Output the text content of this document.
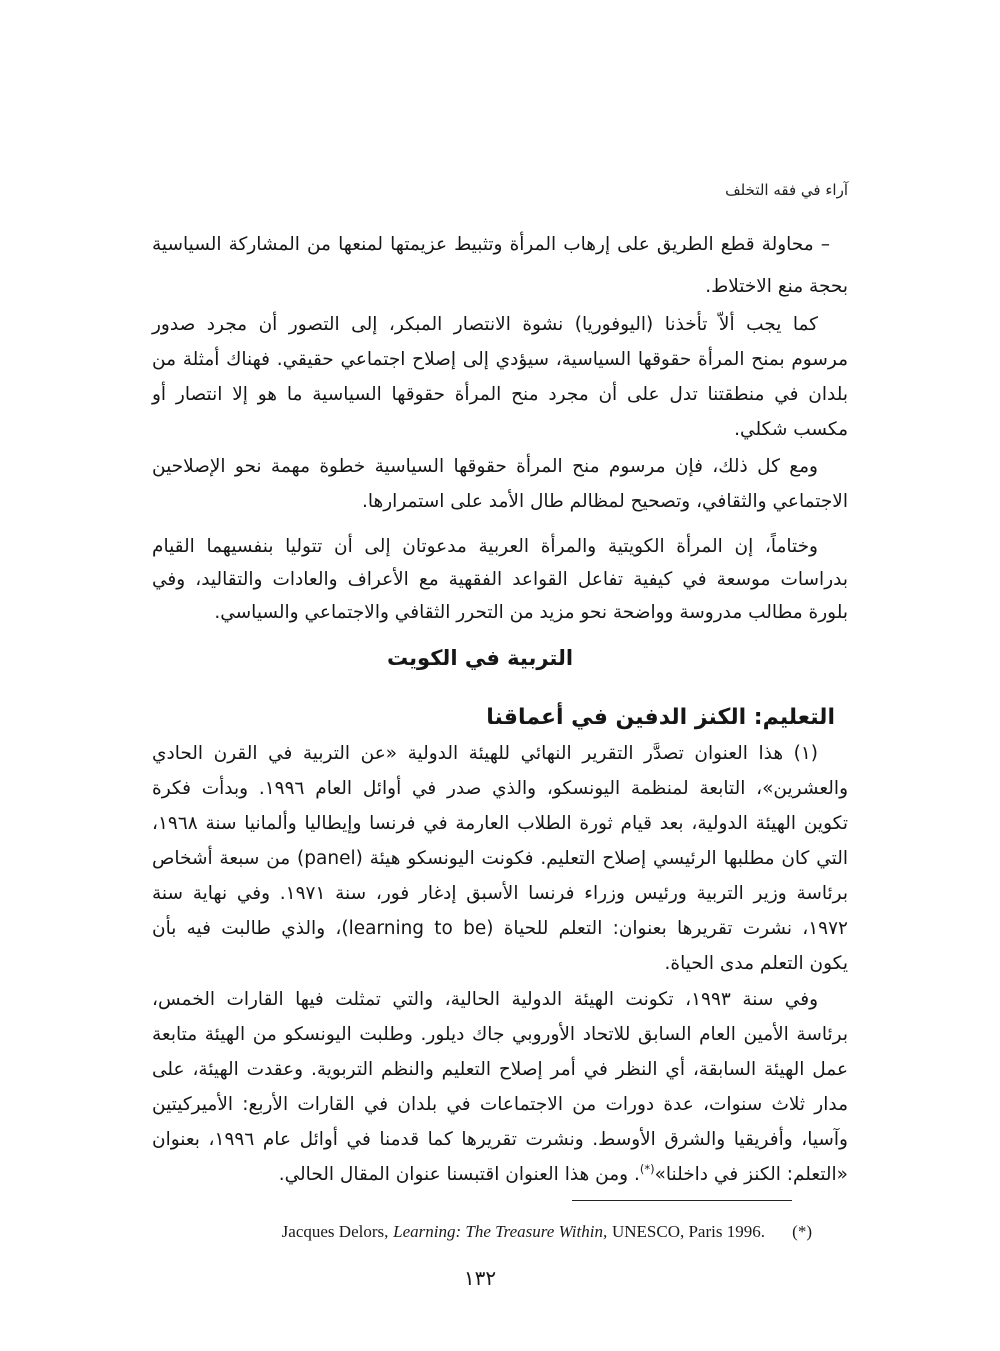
آراء في فقه التخلف
– محاولة قطع الطريق على إرهاب المرأة وتثبيط عزيمتها لمنعها من المشاركة السياسية
بحجة منع الاختلاط.
كما يجب ألاّ تأخذنا (اليوفوريا) نشوة الانتصار المبكر، إلى التصور أن مجرد صدور
مرسوم بمنح المرأة حقوقها السياسية، سيؤدي إلى إصلاح اجتماعي حقيقي. فهناك أمثلة من
بلدان في منطقتنا تدل على أن مجرد منح المرأة حقوقها السياسية ما هو إلا انتصار أو
مكسب شكلي.
ومع كل ذلك، فإن مرسوم منح المرأة حقوقها السياسية خطوة مهمة نحو الإصلاحين
الاجتماعي والثقافي، وتصحيح لمظالم طال الأمد على استمرارها.
وختاماً، إن المرأة الكويتية والمرأة العربية مدعوتان إلى أن تتوليا بنفسيهما القيام
بدراسات موسعة في كيفية تفاعل القواعد الفقهية مع الأعراف والعادات والتقاليد، وفي
بلورة مطالب مدروسة وواضحة نحو مزيد من التحرر الثقافي والاجتماعي والسياسي.
التربية في الكويت
التعليم: الكنز الدفين في أعماقنا
(١) هذا العنوان تصدَّر التقرير النهائي للهيئة الدولية «عن التربية في القرن الحادي
والعشرين»، التابعة لمنظمة اليونسكو، والذي صدر في أوائل العام ١٩٩٦. وبدأت فكرة
تكوين الهيئة الدولية، بعد قيام ثورة الطلاب العارمة في فرنسا وإيطاليا وألمانيا سنة ١٩٦٨،
التي كان مطلبها الرئيسي إصلاح التعليم. فكونت اليونسكو هيئة (panel) من سبعة أشخاص
برئاسة وزير التربية ورئيس وزراء فرنسا الأسبق إدغار فور، سنة ١٩٧١. وفي نهاية سنة
١٩٧٢، نشرت تقريرها بعنوان: التعلم للحياة (learning to be)، والذي طالبت فيه بأن
يكون التعلم مدى الحياة.
وفي سنة ١٩٩٣، تكونت الهيئة الدولية الحالية، والتي تمثلت فيها القارات الخمس،
برئاسة الأمين العام السابق للاتحاد الأوروبي جاك ديلور. وطلبت اليونسكو من الهيئة متابعة
عمل الهيئة السابقة، أي النظر في أمر إصلاح التعليم والنظم التربوية. وعقدت الهيئة، على
مدار ثلاث سنوات، عدة دورات من الاجتماعات في بلدان في القارات الأربع: الأميركيتين
وآسيا، وأفريقيا والشرق الأوسط. ونشرت تقريرها كما قدمنا في أوائل عام ١٩٩٦، بعنوان
«التعلم: الكنز في داخلنا»(*). ومن هذا العنوان اقتبسنا عنوان المقال الحالي.
Jacques Delors, Learning: The Treasure Within, UNESCO, Paris 1996. (*)
١٣٢
